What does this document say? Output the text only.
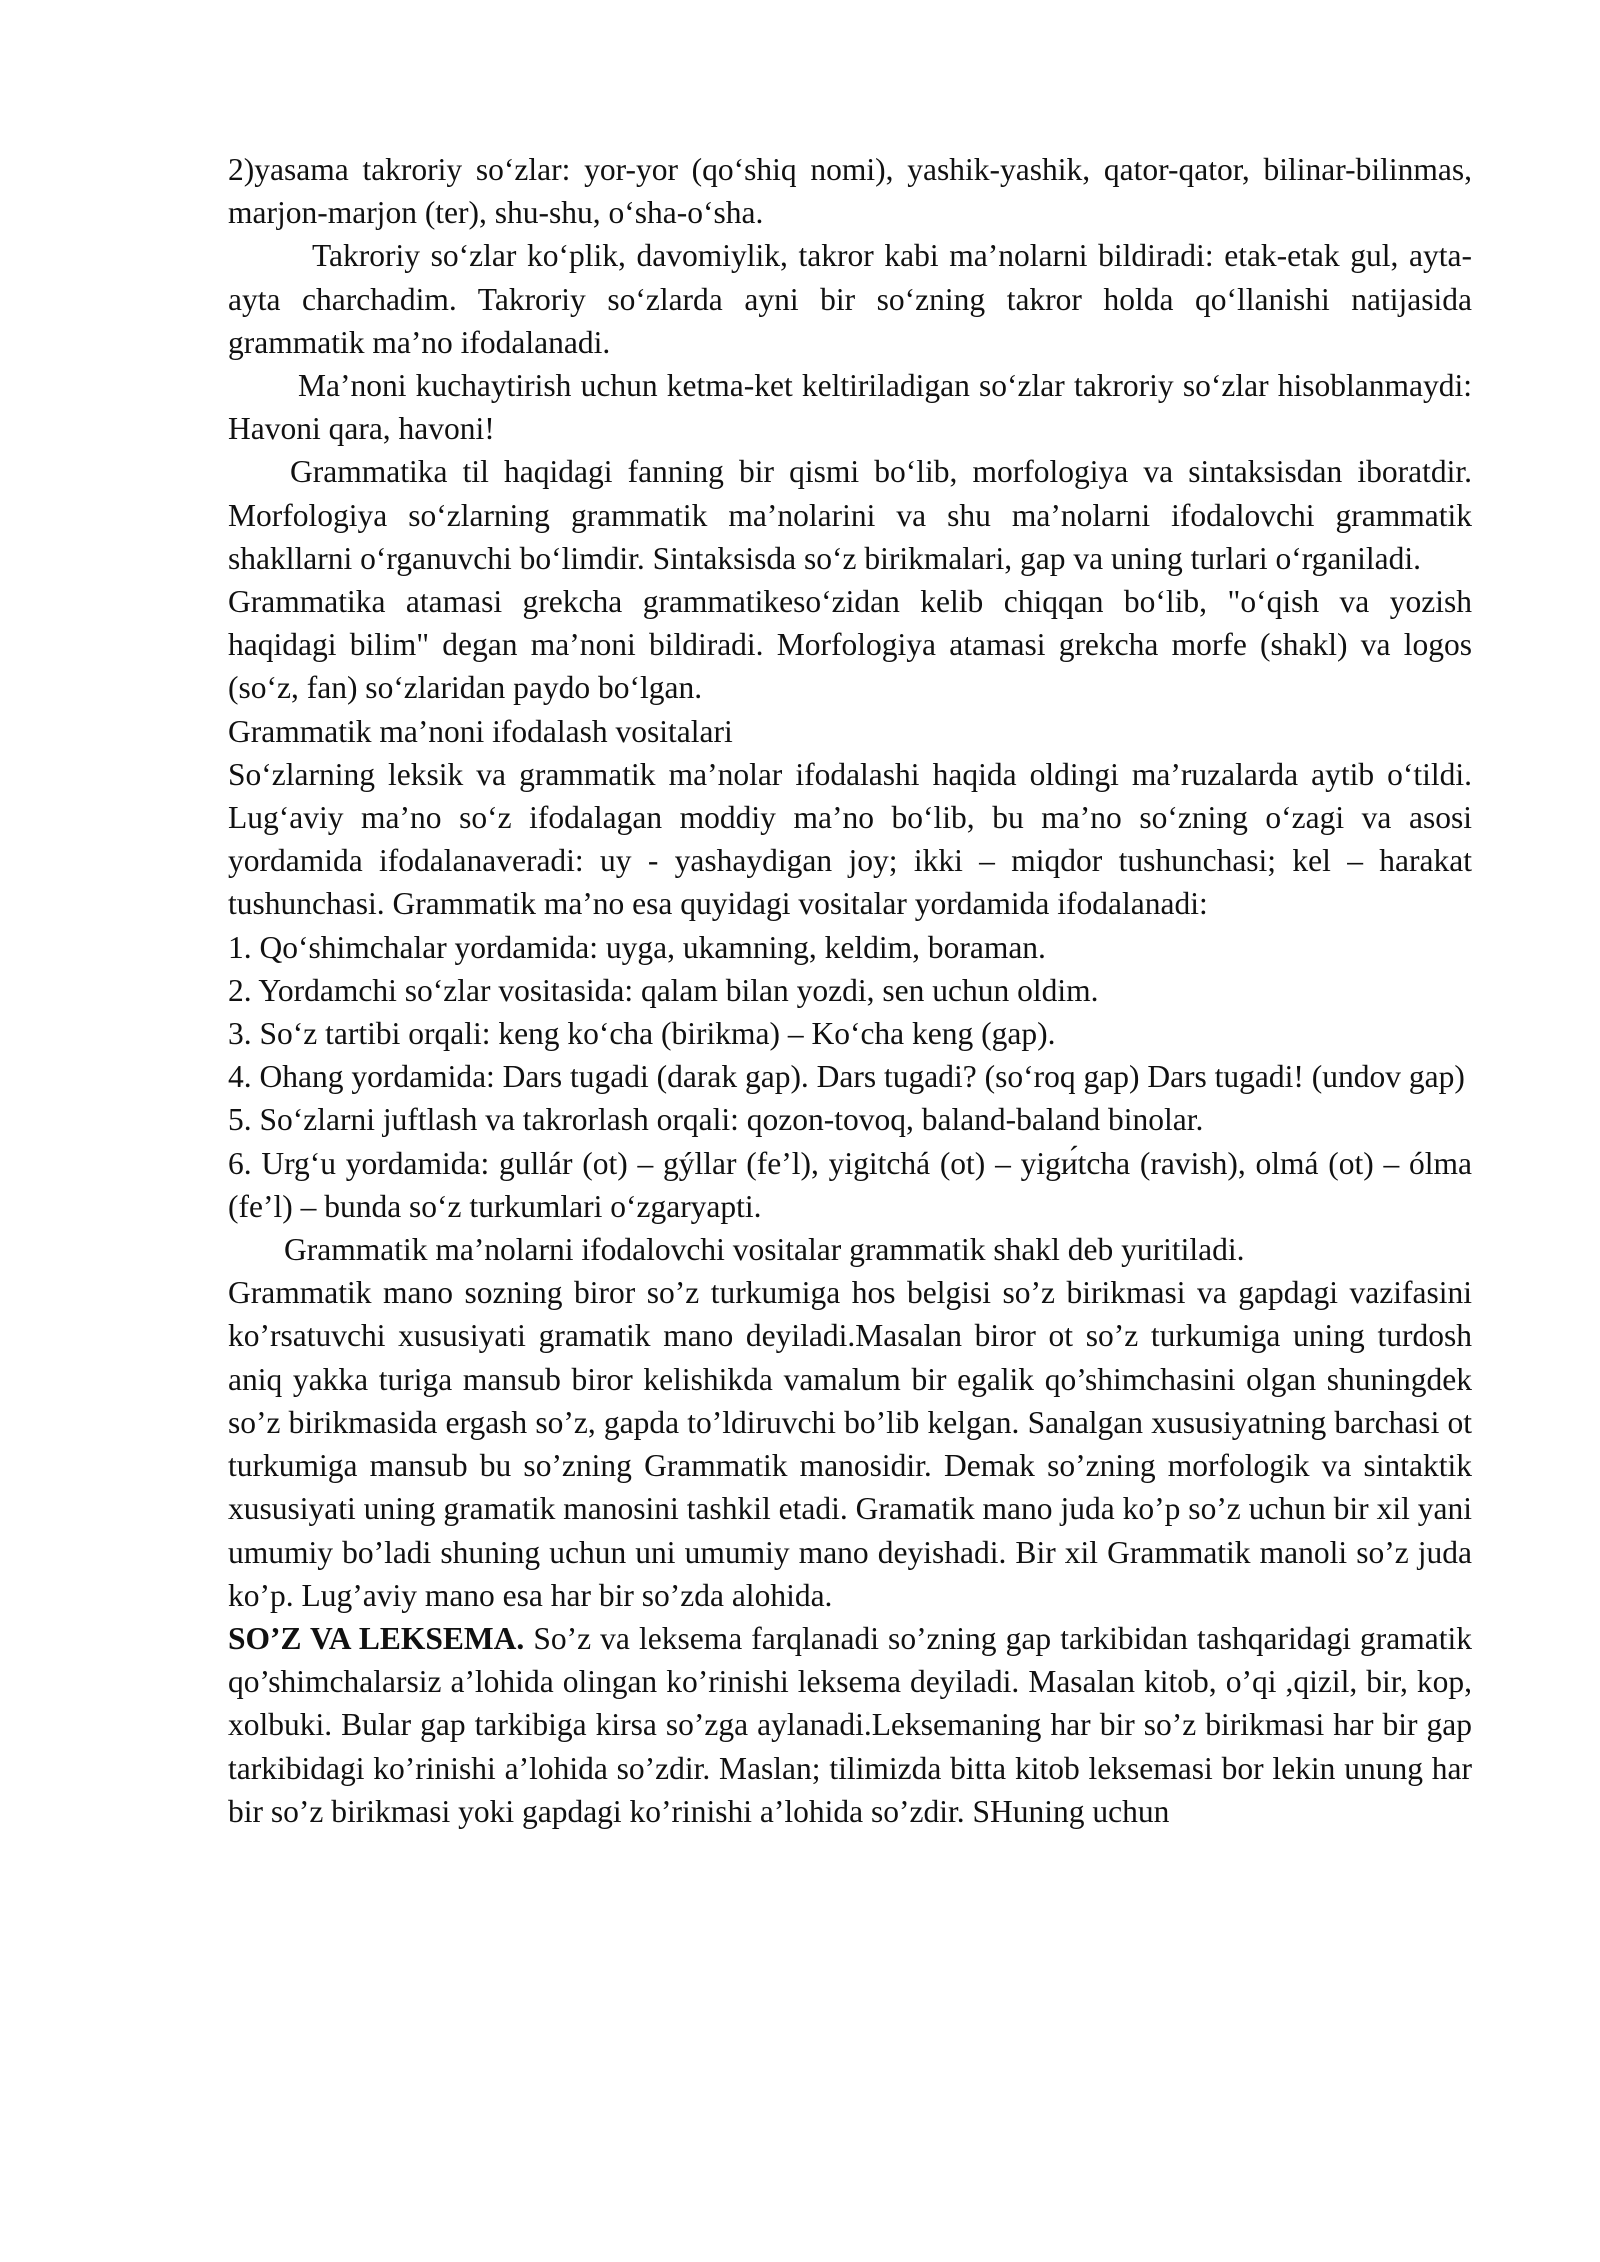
2)yasama takroriy so‘zlar: yor-yor (qo‘shiq nomi), yashik-yashik, qator-qator, bilinar-bilinmas, marjon-marjon (ter), shu-shu, o‘sha-o‘sha.

Takroriy so‘zlar ko‘plik, davomiylik, takror kabi ma’nolarni bildiradi: etak-etak gul, ayta-ayta charchadim. Takroriy so‘zlarda ayni bir so‘zning takror holda qo‘llanishi natijasida grammatik ma’no ifodalanadi.

Ma’noni kuchaytirish uchun ketma-ket keltiriladigan so‘zlar takroriy so‘zlar hisoblanmaydi: Havoni qara, havoni!

Grammatika til haqidagi fanning bir qismi bo‘lib, morfologiya va sintaksisdan iboratdir. Morfologiya so‘zlarning grammatik ma’nolarini va shu ma’nolarni ifodalovchi grammatik shakllarni o‘rganuvchi bo‘limdir. Sintaksisda so‘z birikmalari, gap va uning turlari o‘rganiladi.

Grammatika atamasi grekcha grammatikeso‘zidan kelib chiqqan bo‘lib, "o‘qish va yozish haqidagi bilim" degan ma’noni bildiradi. Morfologiya atamasi grekcha morfe (shakl) va logos (so‘z, fan) so‘zlaridan paydo bo‘lgan.

Grammatik ma’noni ifodalash vositalari

So‘zlarning leksik va grammatik ma’nolar ifodalashi haqida oldingi ma’ruzalarda aytib o‘tildi. Lug‘aviy ma’no so‘z ifodalagan moddiy ma’no bo‘lib, bu ma’no so‘zning o‘zagi va asosi yordamida ifodalanaveradi: uy - yashaydigan joy; ikki – miqdor tushunchasi; kel – harakat tushunchasi. Grammatik ma’no esa quyidagi vositalar yordamida ifodalanadi:

1. Qo‘shimchalar yordamida: uyga, ukamning, keldim, boraman.

2. Yordamchi so‘zlar vositasida: qalam bilan yozdi, sen uchun oldim.

3. So‘z tartibi orqali: keng ko‘cha (birikma) – Ko‘cha keng (gap).

4. Ohang yordamida: Dars tugadi (darak gap). Dars tugadi? (so‘roq gap) Dars tugadi! (undov gap)

5. So‘zlarni juftlash va takrorlash orqali: qozon-tovoq, baland-baland binolar.

6. Urg‘u yordamida: gullár (ot) – gýllar (fe’l), yigitchá (ot) – yigи́tcha (ravish), olmá (ot) – ólma (fe’l) – bunda so‘z turkumlari o‘zgaryapti.

Grammatik ma’nolarni ifodalovchi vositalar grammatik shakl deb yuritiladi.

Grammatik mano sozning biror so’z turkumiga hos belgisi so’z birikmasi va gapdagi vazifasini ko’rsatuvchi xususiyati gramatik mano deyiladi.Masalan biror ot so’z turkumiga uning turdosh aniq yakka turiga mansub biror kelishikda vamalum bir egalik qo’shimchasini olgan shuningdek so’z birikmasida ergash so’z, gapda to’ldiruvchi bo’lib kelgan. Sanalgan xususiyatning barchasi ot turkumiga mansub bu so’zning Grammatik manosidir. Demak so’zning morfologik va sintaktik xususiyati uning gramatik manosini tashkil etadi. Gramatik mano juda ko’p so’z uchun bir xil yani umumiy bo’ladi shuning uchun uni umumiy mano deyishadi. Bir xil Grammatik manoli so’z juda ko’p. Lug’aviy mano esa har bir so’zda alohida.

SO’Z VA LEKSEMA. So’z va leksema farqlanadi so’zning gap tarkibidan tashqaridagi gramatik qo’shimchalarsiz a’lohida olingan ko’rinishi leksema deyiladi. Masalan kitob, o’qi ,qizil, bir, kop, xolbuki. Bular gap tarkibiga kirsa so’zga aylanadi.Leksemaning har bir so’z birikmasi har bir gap tarkibidagi ko’rinishi a’lohida so’zdir. Maslan; tilimizda bitta kitob leksemasi bor lekin unung har bir so’z birikmasi yoki gapdagi ko’rinishi a’lohida so’zdir. SHuning uchun
